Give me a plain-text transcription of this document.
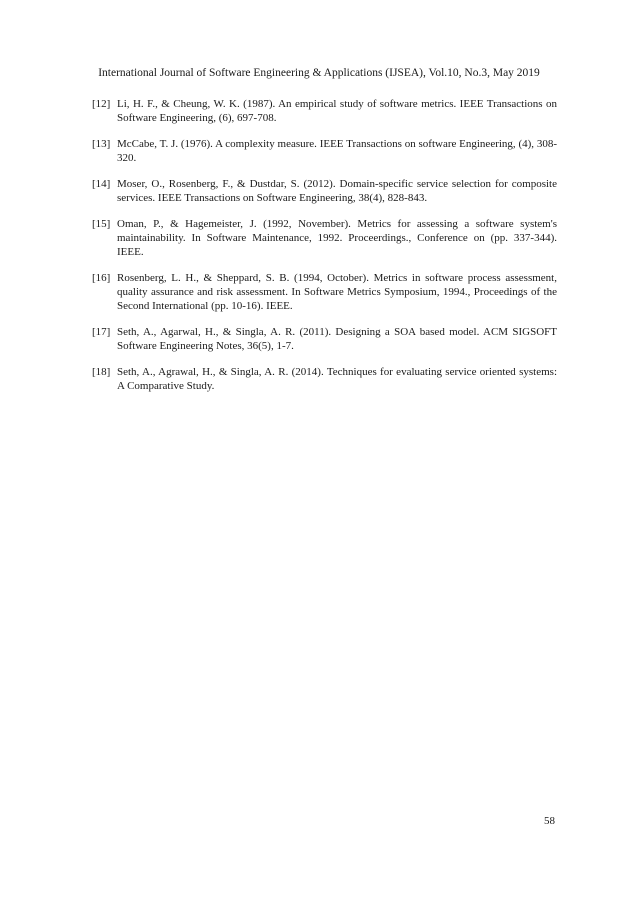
International Journal of Software Engineering & Applications (IJSEA), Vol.10, No.3, May 2019
[12] Li, H. F., & Cheung, W. K. (1987). An empirical study of software metrics. IEEE Transactions on Software Engineering, (6), 697-708.
[13] McCabe, T. J. (1976). A complexity measure. IEEE Transactions on software Engineering, (4), 308-320.
[14] Moser, O., Rosenberg, F., & Dustdar, S. (2012). Domain-specific service selection for composite services. IEEE Transactions on Software Engineering, 38(4), 828-843.
[15] Oman, P., & Hagemeister, J. (1992, November). Metrics for assessing a software system's maintainability. In Software Maintenance, 1992. Proceerdings., Conference on (pp. 337-344). IEEE.
[16] Rosenberg, L. H., & Sheppard, S. B. (1994, October). Metrics in software process assessment, quality assurance and risk assessment. In Software Metrics Symposium, 1994., Proceedings of the Second International (pp. 10-16). IEEE.
[17] Seth, A., Agarwal, H., & Singla, A. R. (2011). Designing a SOA based model. ACM SIGSOFT Software Engineering Notes, 36(5), 1-7.
[18] Seth, A., Agrawal, H., & Singla, A. R. (2014). Techniques for evaluating service oriented systems: A Comparative Study.
58
